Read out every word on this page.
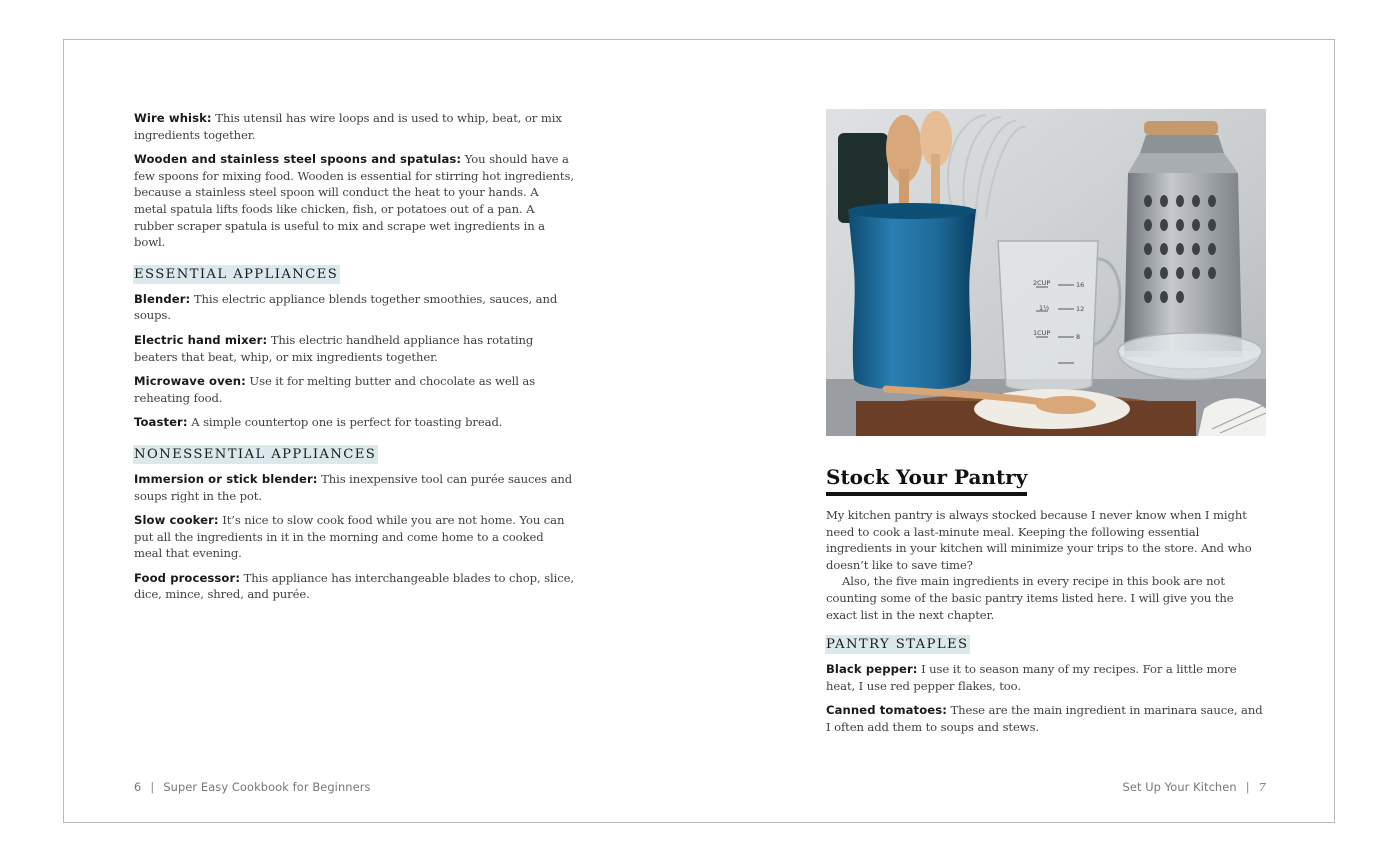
Wire whisk: This utensil has wire loops and is used to whip, beat, or mix ingredients together.

Wooden and stainless steel spoons and spatulas: You should have a few spoons for mixing food. Wooden is essential for stirring hot ingredients, because a stainless steel spoon will conduct the heat to your hands. A metal spatula lifts foods like chicken, fish, or potatoes out of a pan. A rubber scraper spatula is useful to mix and scrape wet ingredients in a bowl.

ESSENTIAL APPLIANCES

Blender: This electric appliance blends together smoothies, sauces, and soups.

Electric hand mixer: This electric handheld appliance has rotating beaters that beat, whip, or mix ingredients together.

Microwave oven: Use it for melting butter and chocolate as well as reheating food.

Toaster: A simple countertop one is perfect for toasting bread.

NONESSENTIAL APPLIANCES

Immersion or stick blender: This inexpensive tool can purée sauces and soups right in the pot.

Slow cooker: It’s nice to slow cook food while you are not home. You can put all the ingredients in it in the morning and come home to a cooked meal that evening.

Food processor: This appliance has interchangeable blades to chop, slice, dice, mince, shred, and purée.

6 | Super Easy Cookbook for Beginners
2CUP
1½
1CUP
16
12
8
Stock Your Pantry

My kitchen pantry is always stocked because I never know when I might need to cook a last-minute meal. Keeping the following essential ingredients in your kitchen will minimize your trips to the store. And who doesn’t like to save time?

Also, the five main ingredients in every recipe in this book are not counting some of the basic pantry items listed here. I will give you the exact list in the next chapter.

PANTRY STAPLES

Black pepper: I use it to season many of my recipes. For a little more heat, I use red pepper flakes, too.

Canned tomatoes: These are the main ingredient in marinara sauce, and I often add them to soups and stews.

Set Up Your Kitchen | 7
